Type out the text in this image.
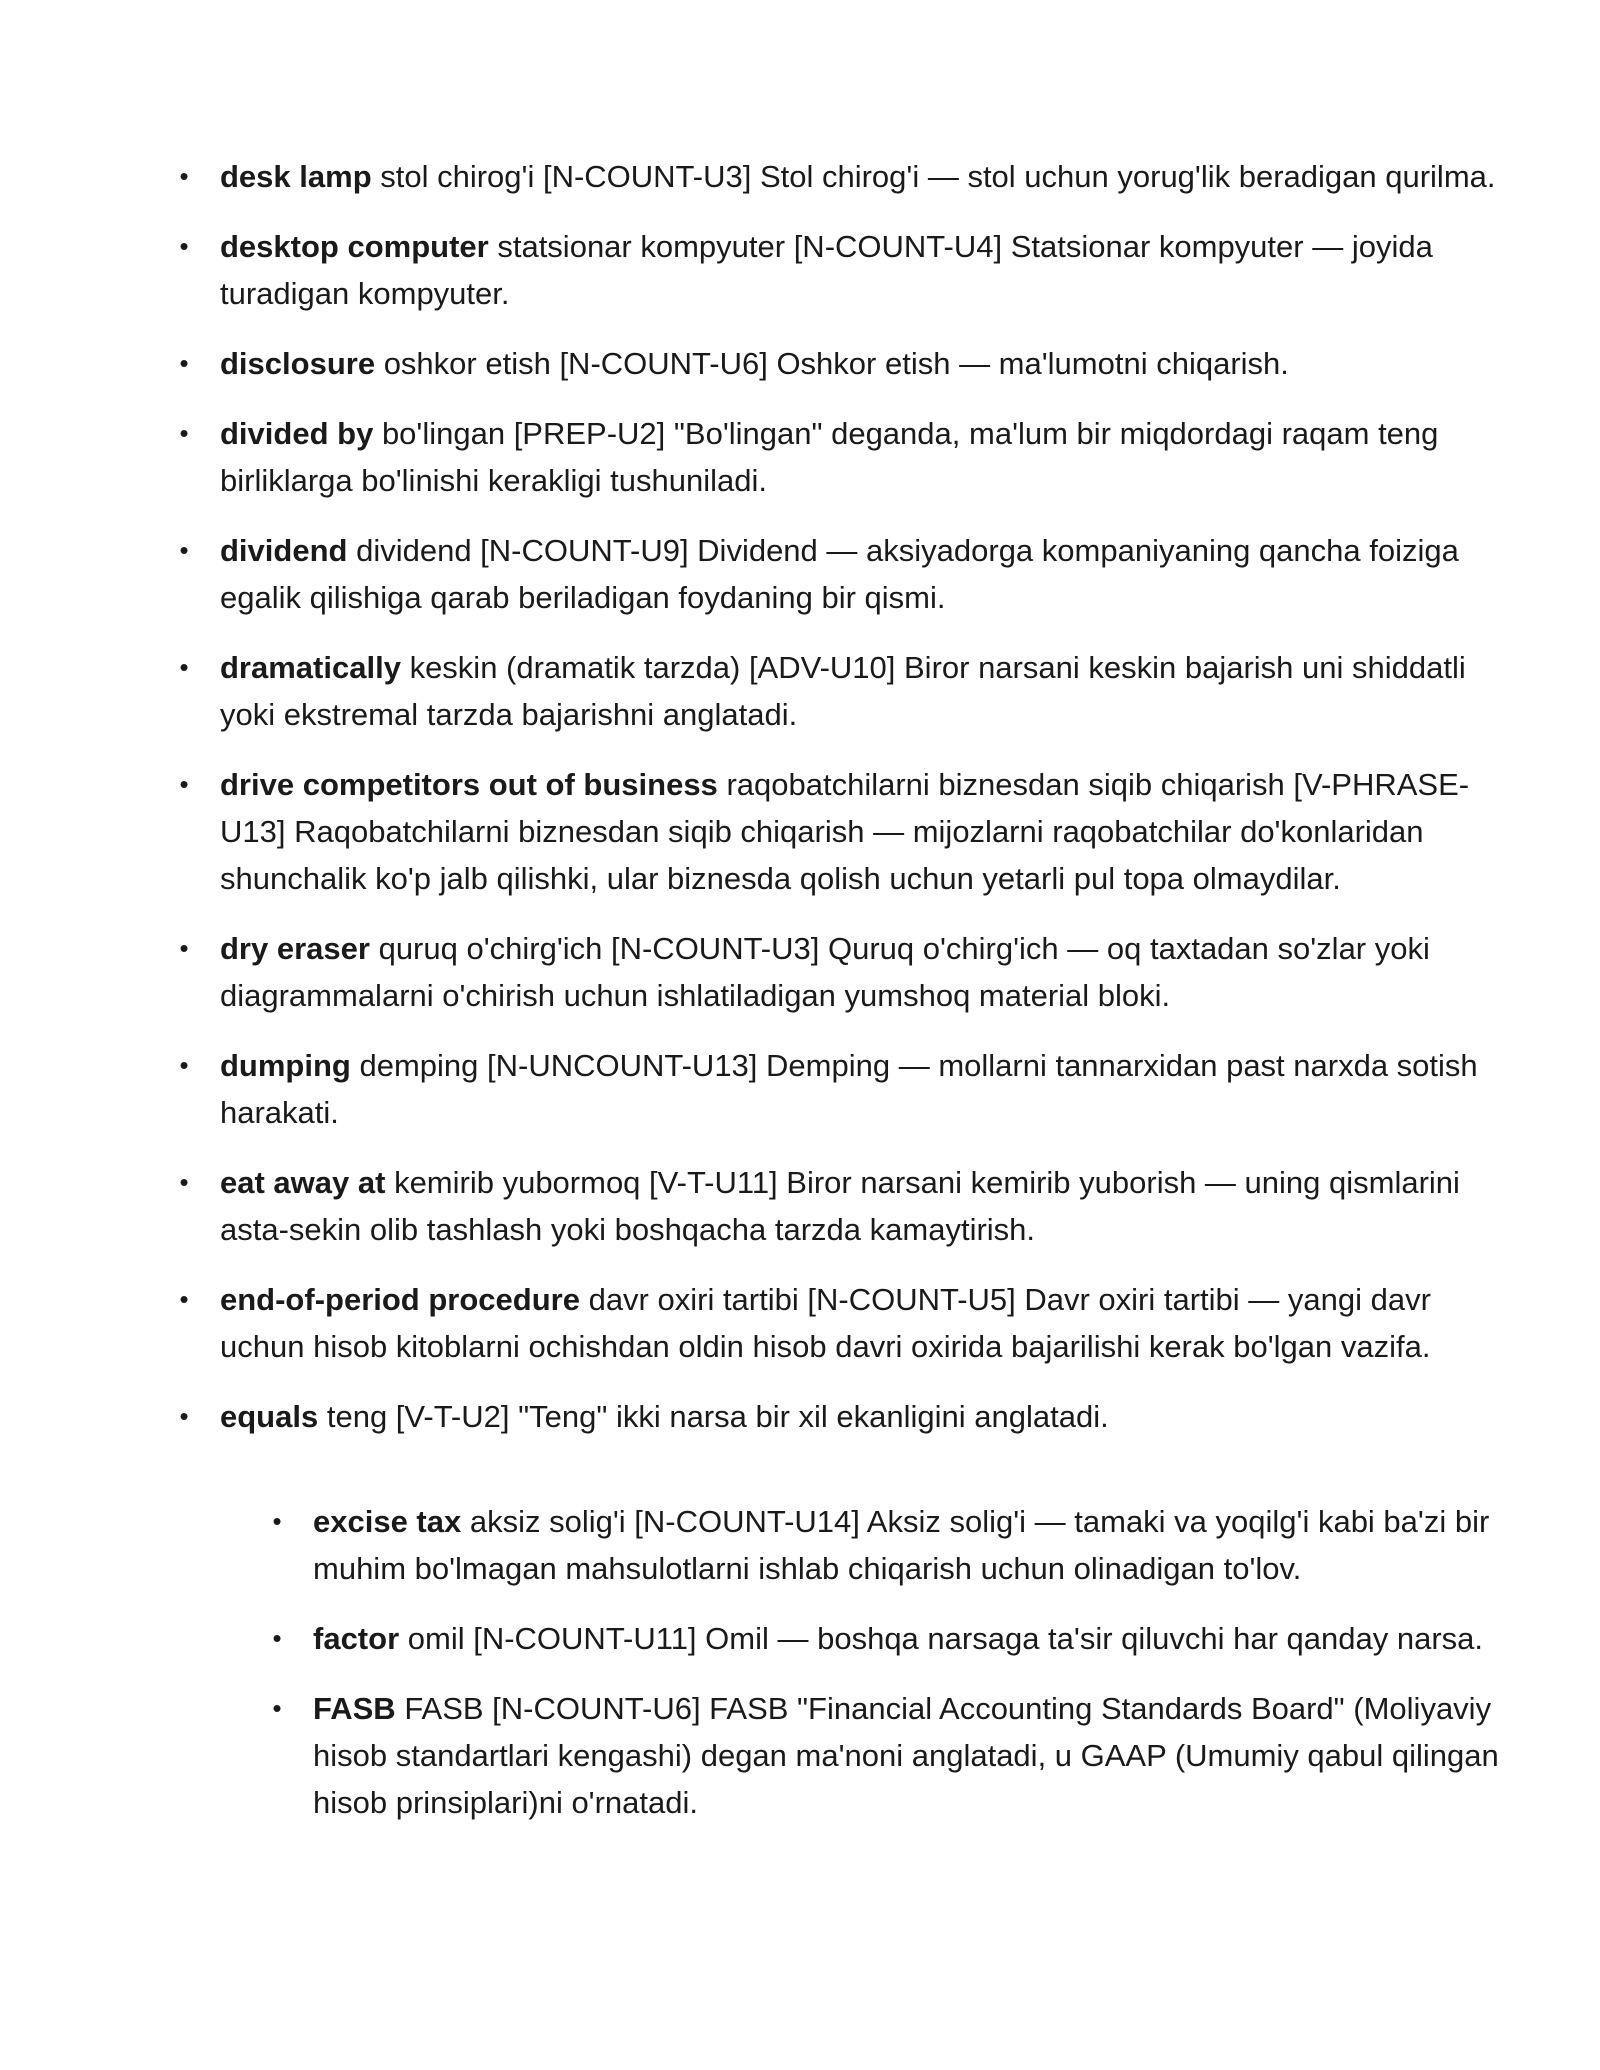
• desk lamp stol chirog'i [N-COUNT-U3] Stol chirog'i — stol uchun yorug'lik beradigan qurilma.
• desktop computer statsionar kompyuter [N-COUNT-U4] Statsionar kompyuter — joyida turadigan kompyuter.
• disclosure oshkor etish [N-COUNT-U6] Oshkor etish — ma'lumotni chiqarish.
• divided by bo'lingan [PREP-U2] "Bo'lingan" deganda, ma'lum bir miqdordagi raqam teng birliklarga bo'linishi kerakligi tushuniladi.
• dividend dividend [N-COUNT-U9] Dividend — aksiyadorga kompaniyaning qancha foiziga egalik qilishiga qarab beriladigan foydaning bir qismi.
• dramatically keskin (dramatik tarzda) [ADV-U10] Biror narsani keskin bajarish uni shiddatli yoki ekstremal tarzda bajarishni anglatadi.
• drive competitors out of business raqobatchilarni biznesdan siqib chiqarish [V-PHRASE-U13] Raqobatchilarni biznesdan siqib chiqarish — mijozlarni raqobatchilar do'konlaridan shunchalik ko'p jalb qilishki, ular biznesda qolish uchun yetarli pul topa olmaydilar.
• dry eraser quruq o'chirg'ich [N-COUNT-U3] Quruq o'chirg'ich — oq taxtadan so'zlar yoki diagrammalarni o'chirish uchun ishlatiladigan yumshoq material bloki.
• dumping demping [N-UNCOUNT-U13] Demping — mollarni tannarxidan past narxda sotish harakati.
• eat away at kemirib yubormoq [V-T-U11] Biror narsani kemirib yuborish — uning qismlarini asta-sekin olib tashlash yoki boshqacha tarzda kamaytirish.
• end-of-period procedure davr oxiri tartibi [N-COUNT-U5] Davr oxiri tartibi — yangi davr uchun hisob kitoblarni ochishdan oldin hisob davri oxirida bajarilishi kerak bo'lgan vazifa.
• equals teng [V-T-U2] "Teng" ikki narsa bir xil ekanligini anglatadi.
• excise tax aksiz solig'i [N-COUNT-U14] Aksiz solig'i — tamaki va yoqilg'i kabi ba'zi bir muhim bo'lmagan mahsulotlarni ishlab chiqarish uchun olinadigan to'lov.
• factor omil [N-COUNT-U11] Omil — boshqa narsaga ta'sir qiluvchi har qanday narsa.
• FASB FASB [N-COUNT-U6] FASB "Financial Accounting Standards Board" (Moliyaviy hisob standartlari kengashi) degan ma'noni anglatadi, u GAAP (Umumiy qabul qilingan hisob prinsiplari)ni o'rnatadi.
